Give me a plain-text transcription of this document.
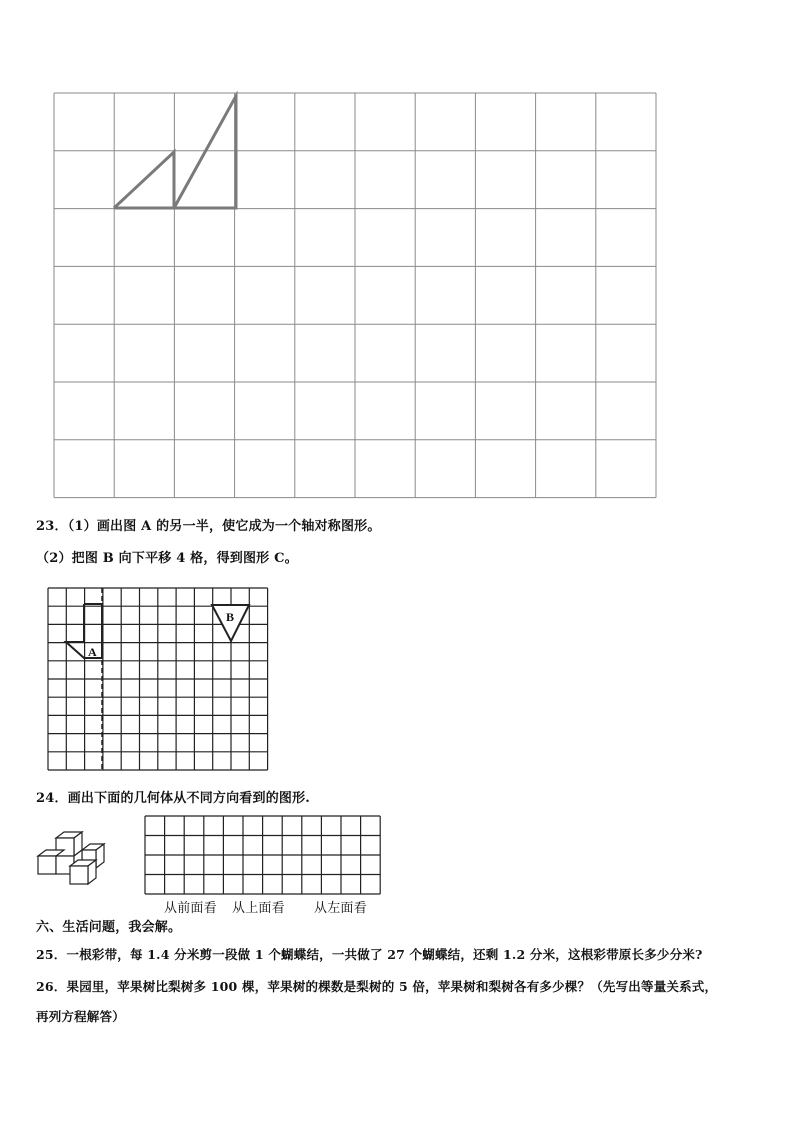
23．（1）画出图 A 的另一半，使它成为一个轴对称图形。
（2）把图 B 向下平移 4 格，得到图形 C。
A
B
24．画出下面的几何体从不同方向看到的图形.
从前面看 从上面看 从左面看
六、生活问题，我会解。
25．一根彩带，每 1.4 分米剪一段做 1 个蝴蝶结，一共做了 27 个蝴蝶结，还剩 1.2 分米，这根彩带原长多少分米?
26．果园里，苹果树比梨树多 100 棵，苹果树的棵数是梨树的 5 倍，苹果树和梨树各有多少棵？（先写出等量关系式，
再列方程解答）
